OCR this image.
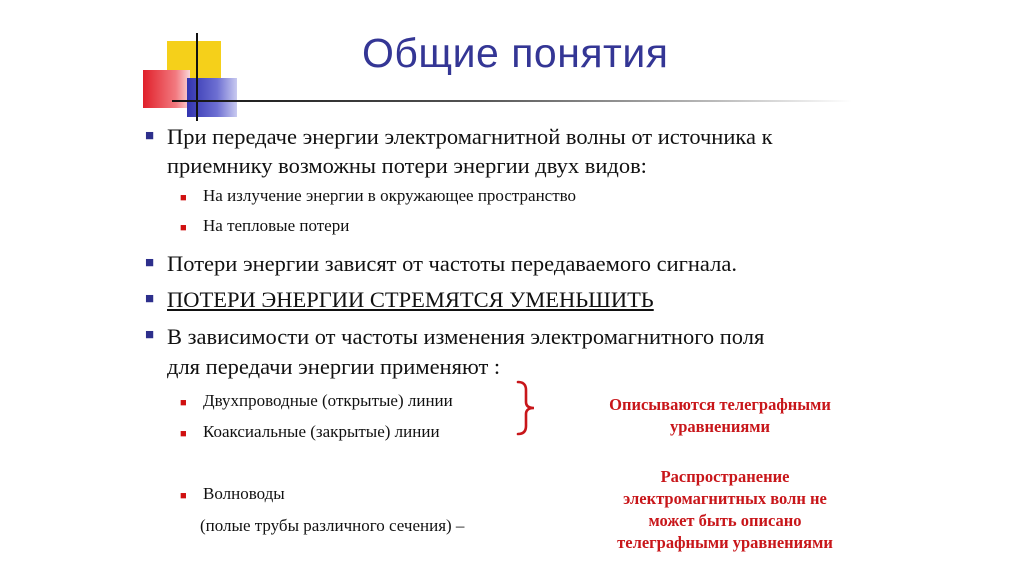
Общие понятия
■ При передаче энергии электромагнитной волны от источника к
приемнику возможны потери энергии двух видов:
■ На излучение энергии в окружающее пространство
■ На тепловые потери
■ Потери энергии зависят от частоты передаваемого сигнала.
■ ПОТЕРИ ЭНЕРГИИ СТРЕМЯТСЯ УМЕНЬШИТЬ
■ В зависимости от частоты изменения электромагнитного поля
для передачи энергии применяют :
■ Двухпроводные (открытые) линии
■ Коаксиальные (закрытые) линии
■ Волноводы
(полые трубы различного сечения) –
Описываются телеграфными
уравнениями
Распространение
электромагнитных волн не
может быть описано
телеграфными уравнениями
